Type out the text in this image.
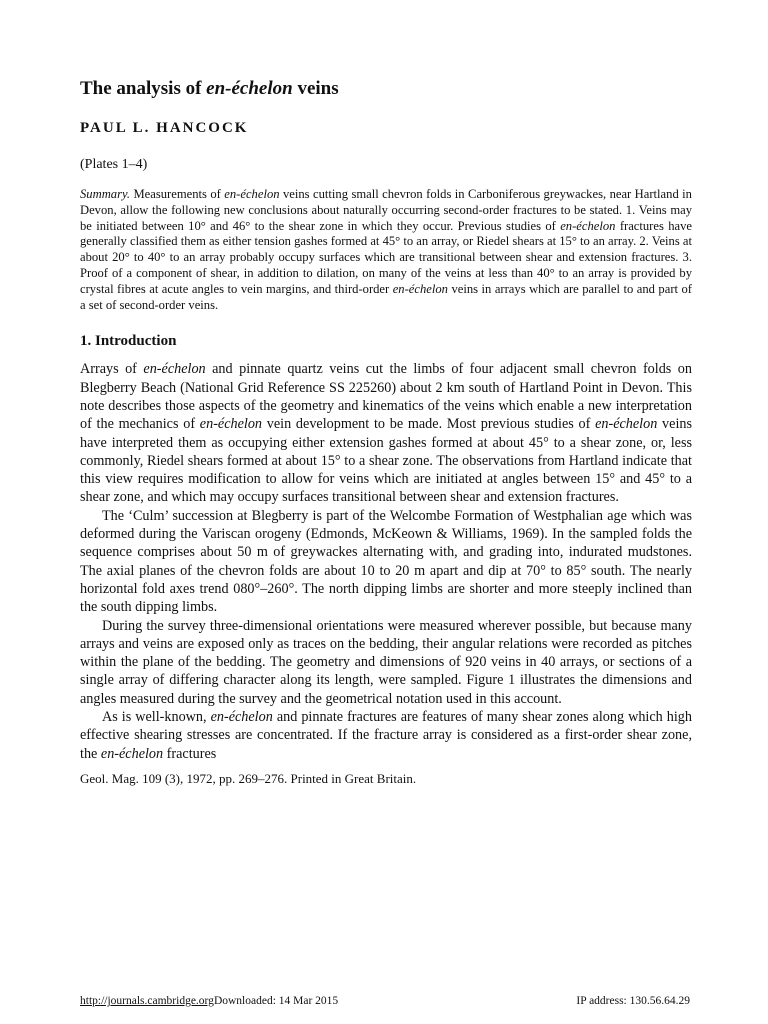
The analysis of en-échelon veins
PAUL L. HANCOCK
(Plates 1–4)
Summary. Measurements of en-échelon veins cutting small chevron folds in Carboniferous greywackes, near Hartland in Devon, allow the following new conclusions about naturally occurring second-order fractures to be stated. 1. Veins may be initiated between 10° and 46° to the shear zone in which they occur. Previous studies of en-échelon fractures have generally classified them as either tension gashes formed at 45° to an array, or Riedel shears at 15° to an array. 2. Veins at about 20° to 40° to an array probably occupy surfaces which are transitional between shear and extension fractures. 3. Proof of a component of shear, in addition to dilation, on many of the veins at less than 40° to an array is provided by crystal fibres at acute angles to vein margins, and third-order en-échelon veins in arrays which are parallel to and part of a set of second-order veins.
1. Introduction

Arrays of en-échelon and pinnate quartz veins cut the limbs of four adjacent small chevron folds on Blegberry Beach (National Grid Reference SS 225260) about 2 km south of Hartland Point in Devon. This note describes those aspects of the geometry and kinematics of the veins which enable a new interpretation of the mechanics of en-échelon vein development to be made. Most previous studies of en-échelon veins have interpreted them as occupying either extension gashes formed at about 45° to a shear zone, or, less commonly, Riedel shears formed at about 15° to a shear zone. The observations from Hartland indicate that this view requires modification to allow for veins which are initiated at angles between 15° and 45° to a shear zone, and which may occupy surfaces transitional between shear and extension fractures.

The ‘Culm’ succession at Blegberry is part of the Welcombe Formation of Westphalian age which was deformed during the Variscan orogeny (Edmonds, McKeown & Williams, 1969). In the sampled folds the sequence comprises about 50 m of greywackes alternating with, and grading into, indurated mudstones. The axial planes of the chevron folds are about 10 to 20 m apart and dip at 70° to 85° south. The nearly horizontal fold axes trend 080°–260°. The north dipping limbs are shorter and more steeply inclined than the south dipping limbs.

During the survey three-dimensional orientations were measured wherever possible, but because many arrays and veins are exposed only as traces on the bedding, their angular relations were recorded as pitches within the plane of the bedding. The geometry and dimensions of 920 veins in 40 arrays, or sections of a single array of differing character along its length, were sampled. Figure 1 illustrates the dimensions and angles measured during the survey and the geometrical notation used in this account.

As is well-known, en-échelon and pinnate fractures are features of many shear zones along which high effective shearing stresses are concentrated. If the fracture array is considered as a first-order shear zone, the en-échelon fractures

Geol. Mag. 109 (3), 1972, pp. 269–276. Printed in Great Britain.
http://journals.cambridge.orgDownloaded: 14 Mar 2015	IP address: 130.56.64.29
